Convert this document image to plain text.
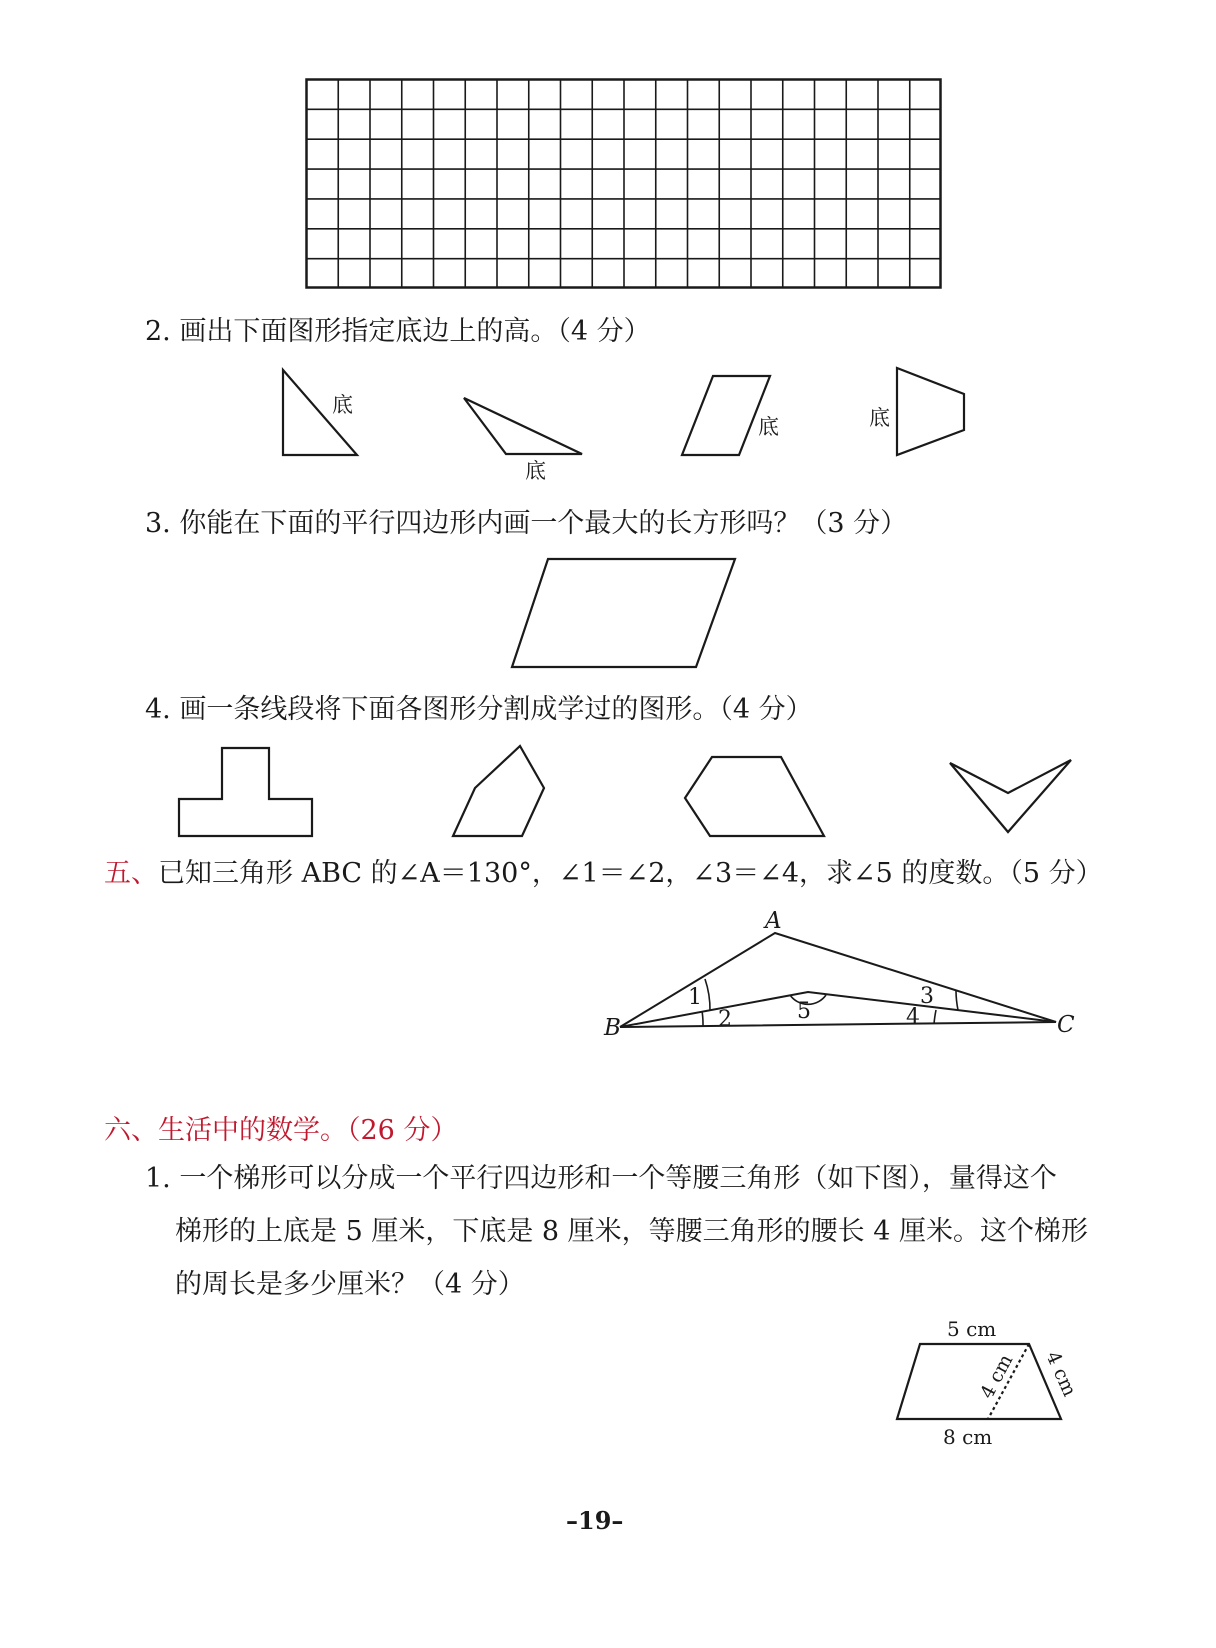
2. 画出下面图形指定底边上的高。（4 分）
底
底
底	底
3. 你能在下面的平行四边形内画一个最大的长方形吗？（3 分）
4. 画一条线段将下面各图形分割成学过的图形。（4 分）
五、已知三角形 ABC 的∠A＝130°，∠1＝∠2，∠3＝∠4，求∠5 的度数。（5 分）
A
B	C
1
2
3
4
5
六、生活中的数学。（26 分）
1. 一个梯形可以分成一个平行四边形和一个等腰三角形（如下图），量得这个
梯形的上底是 5 厘米，下底是 8 厘米，等腰三角形的腰长 4 厘米。这个梯形
的周长是多少厘米？（4 分）
5 cm
8 cm
4 cm 4 cm
–19–
